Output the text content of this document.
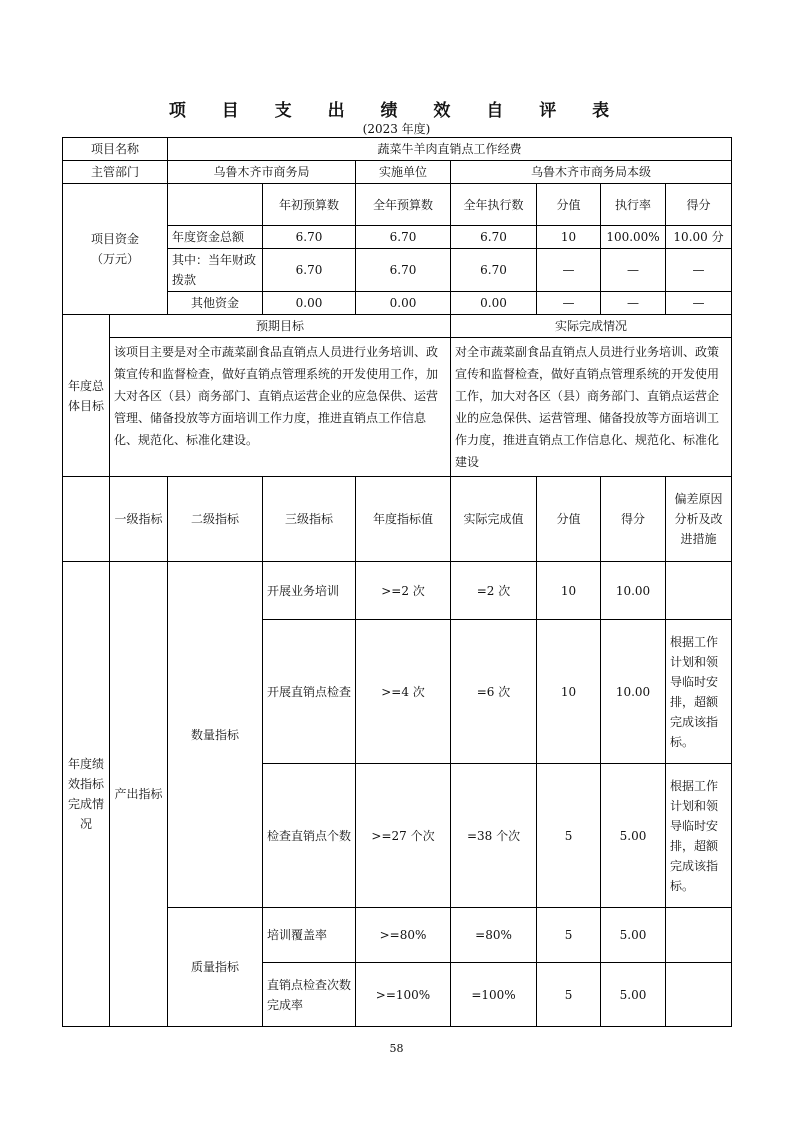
项 目 支 出 绩 效 自 评 表
(2023 年度)
项目名称		蔬菜牛羊肉直销点工作经费						
主管部门		乌鲁木齐市商务局		实施单位	乌鲁木齐市商务局本级			
项目资金
（万元）			年初预算数	全年预算数	全年执行数	分值	执行率	得分
		年度资金总额	6.70	6.70	6.70	10	100.00%	10.00 分
		其中：当年财政拨款	6.70	6.70	6.70	—	—	—
		其他资金	0.00	0.00	0.00	—	—	—
年度总体目标	预期目标				实际完成情况			
	该项目主要是对全市蔬菜副食品直销点人员进行业务培训、政策宣传和监督检查，做好直销点管理系统的开发使用工作，加大对各区（县）商务部门、直销点运营企业的应急保供、运营管理、储备投放等方面培训工作力度，推进直销点工作信息化、规范化、标准化建设。				对全市蔬菜副食品直销点人员进行业务培训、政策宣传和监督检查，做好直销点管理系统的开发使用工作，加大对各区（县）商务部门、直销点运营企业的应急保供、运营管理、储备投放等方面培训工作力度，推进直销点工作信息化、规范化、标准化建设			
	一级指标	二级指标	三级指标	年度指标值	实际完成值	分值	得分	偏差原因分析及改进措施
年度绩效指标完成情况	产出指标	数量指标	开展业务培训	>=2 次	=2 次	10	10.00	
			开展直销点检查	>=4 次	=6 次	10	10.00	根据工作计划和领导临时安排，超额完成该指标。
			检查直销点个数	>=27 个次	=38 个次	5	5.00	根据工作计划和领导临时安排，超额完成该指标。
		质量指标	培训覆盖率	>=80%	=80%	5	5.00	
			直销点检查次数完成率	>=100%	=100%	5	5.00	
58
